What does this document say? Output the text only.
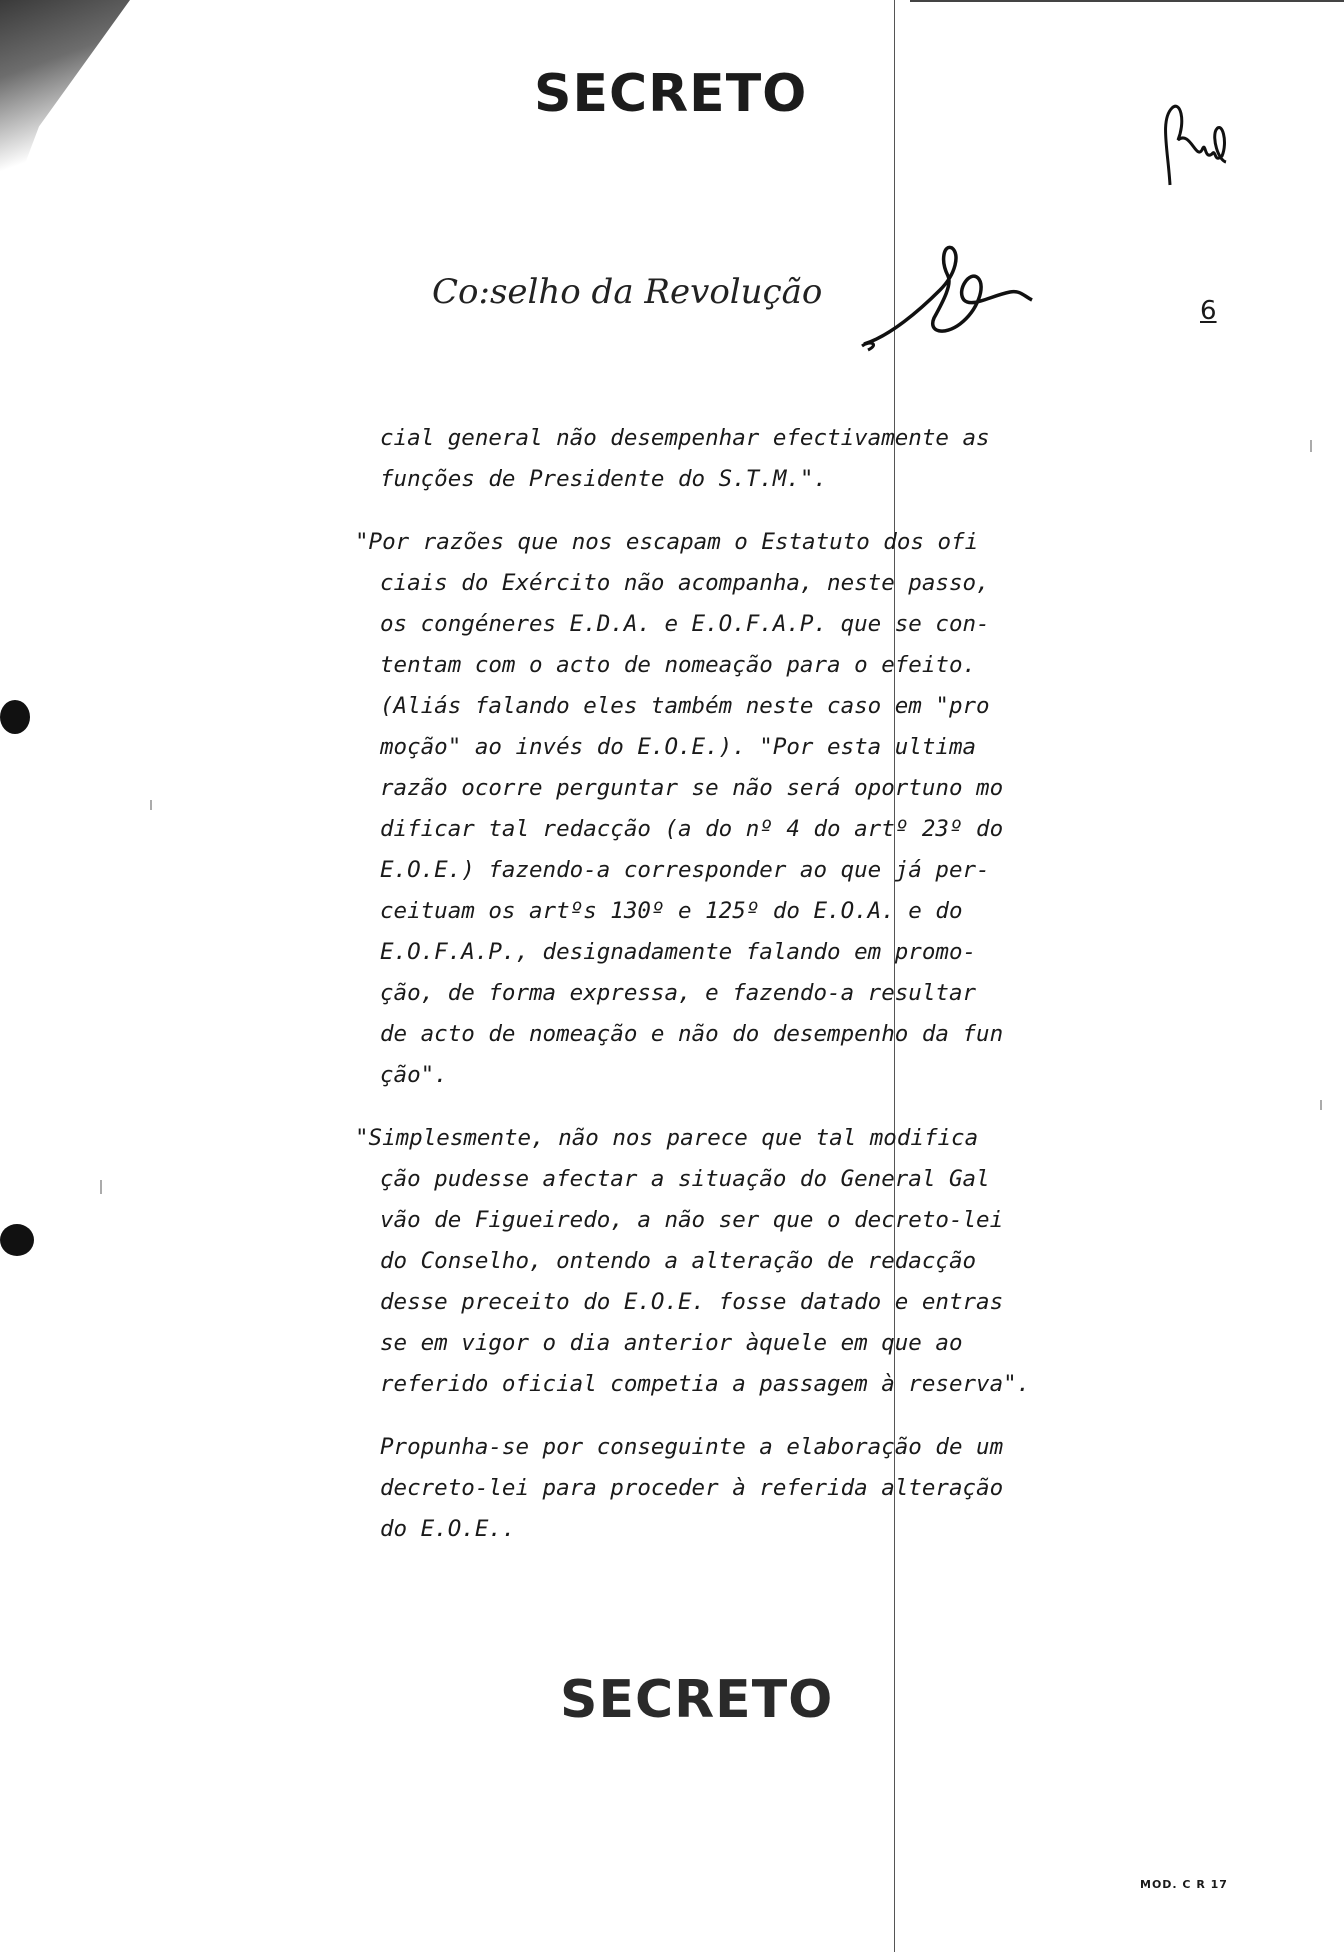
SECRETO
Co:selho da Revolução	6
cial general não desempenhar efectivamente as
funções de Presidente do S.T.M.".
"Por razões que nos escapam o Estatuto dos ofi
ciais do Exército não acompanha, neste passo,
os congéneres E.D.A. e E.O.F.A.P. que se con-
tentam com o acto de nomeação para o efeito.
(Aliás falando eles também neste caso em "pro
moção" ao invés do E.O.E.). "Por esta ultima
razão ocorre perguntar se não será oportuno mo
dificar tal redacção (a do nº 4 do artº 23º do
E.O.E.) fazendo-a corresponder ao que já per-
ceituam os artºs 130º e 125º do E.O.A. e do
E.O.F.A.P., designadamente falando em promo-
ção, de forma expressa, e fazendo-a resultar
de acto de nomeação e não do desempenho da fun
ção".
"Simplesmente, não nos parece que tal modifica
ção pudesse afectar a situação do General Gal
vão de Figueiredo, a não ser que o decreto-lei
do Conselho, ontendo a alteração de redacção
desse preceito do E.O.E. fosse datado e entras
se em vigor o dia anterior àquele em que ao
referido oficial competia a passagem à reserva".
Propunha-se por conseguinte a elaboração de um
decreto-lei para proceder à referida alteração
do E.O.E..
SECRETO
MOD. C R 17
